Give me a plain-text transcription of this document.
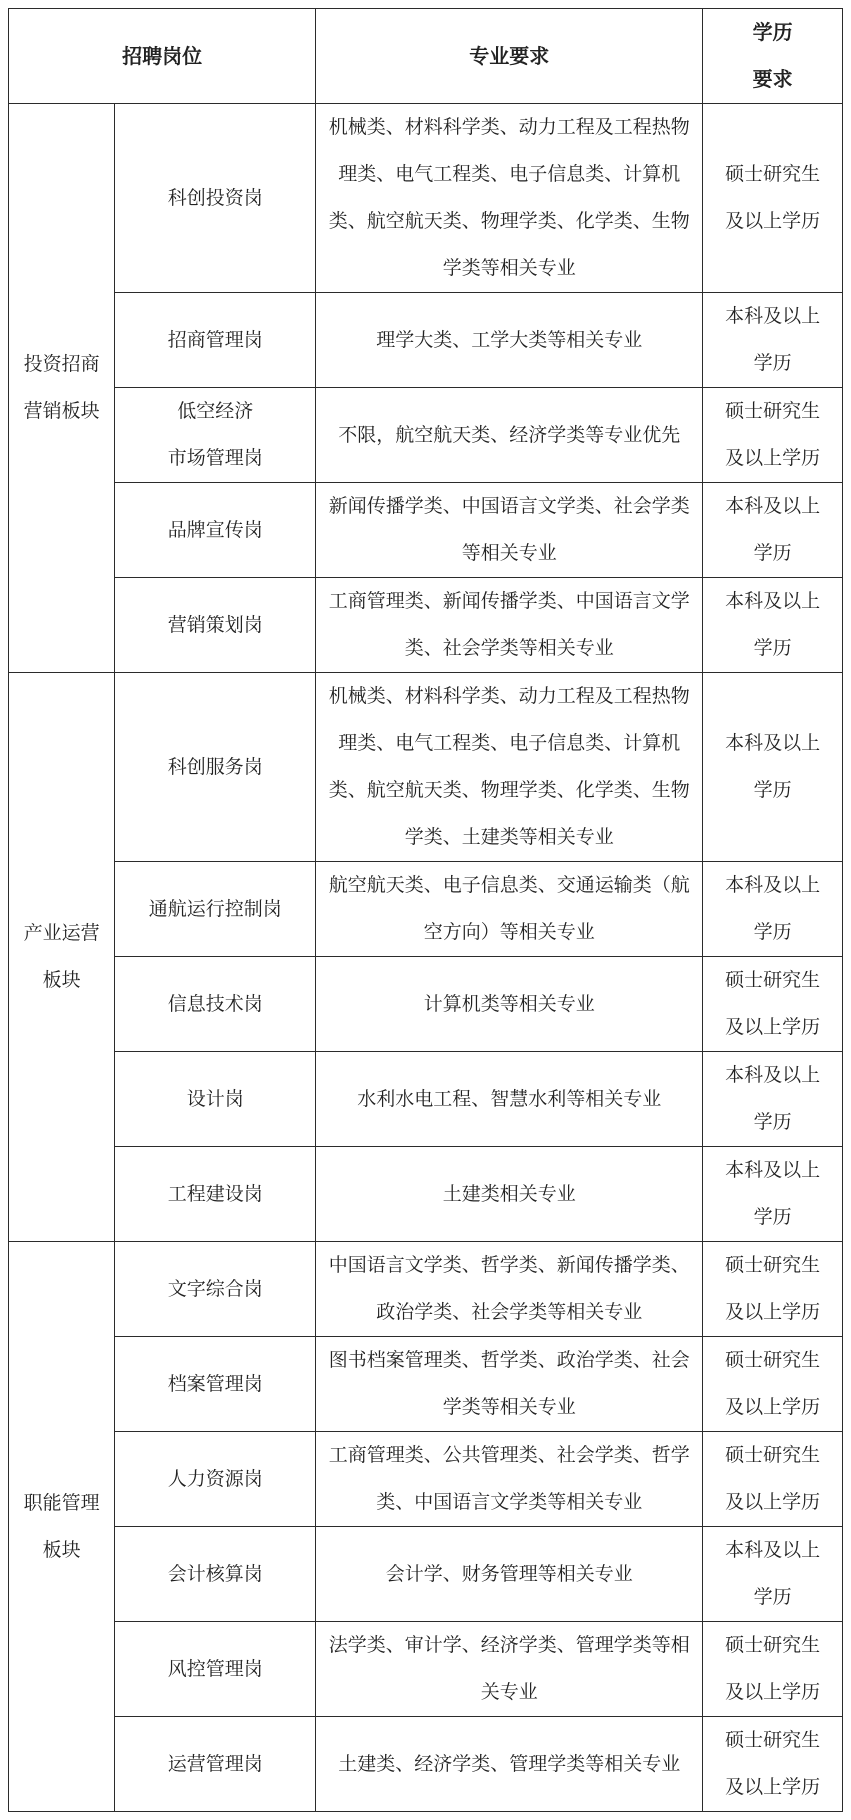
招聘岗位		专业要求	学历
要求
投资招商
营销板块	科创投资岗	机械类、材料科学类、动力工程及工程热物理类、电气工程类、电子信息类、计算机类、航空航天类、物理学类、化学类、生物学类等相关专业	硕士研究生
及以上学历
	招商管理岗	理学大类、工学大类等相关专业	本科及以上
学历
	低空经济
市场管理岗	不限，航空航天类、经济学类等专业优先	硕士研究生
及以上学历
	品牌宣传岗	新闻传播学类、中国语言文学类、社会学类等相关专业	本科及以上
学历
	营销策划岗	工商管理类、新闻传播学类、中国语言文学类、社会学类等相关专业	本科及以上
学历
产业运营
板块	科创服务岗	机械类、材料科学类、动力工程及工程热物理类、电气工程类、电子信息类、计算机类、航空航天类、物理学类、化学类、生物学类、土建类等相关专业	本科及以上
学历
	通航运行控制岗	航空航天类、电子信息类、交通运输类（航空方向）等相关专业	本科及以上
学历
	信息技术岗	计算机类等相关专业	硕士研究生
及以上学历
	设计岗	水利水电工程、智慧水利等相关专业	本科及以上
学历
	工程建设岗	土建类相关专业	本科及以上
学历
职能管理
板块	文字综合岗	中国语言文学类、哲学类、新闻传播学类、政治学类、社会学类等相关专业	硕士研究生
及以上学历
	档案管理岗	图书档案管理类、哲学类、政治学类、社会学类等相关专业	硕士研究生
及以上学历
	人力资源岗	工商管理类、公共管理类、社会学类、哲学类、中国语言文学类等相关专业	硕士研究生
及以上学历
	会计核算岗	会计学、财务管理等相关专业	本科及以上
学历
	风控管理岗	法学类、审计学、经济学类、管理学类等相关专业	硕士研究生
及以上学历
	运营管理岗	土建类、经济学类、管理学类等相关专业	硕士研究生
及以上学历
